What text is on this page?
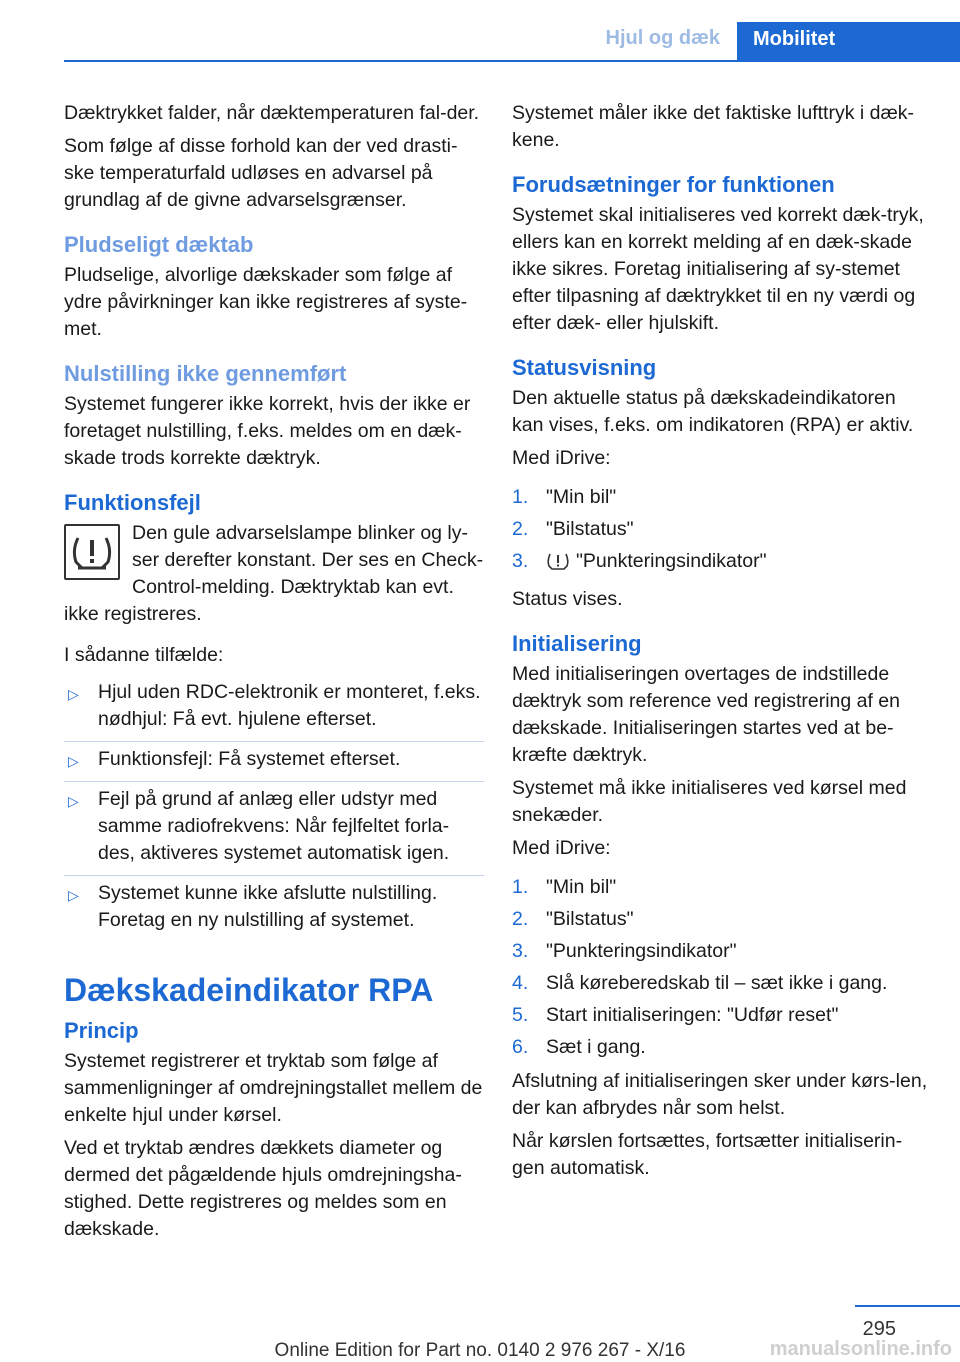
Hjul og dæk	Mobilitet

Dæktrykket falder, når dæktemperaturen fal-der.

Som følge af disse forhold kan der ved drasti-ske temperaturfald udløses en advarsel på grundlag af de givne advarselsgrænser.

Pludseligt dæktab

Pludselige, alvorlige dækskader som følge af ydre påvirkninger kan ikke registreres af syste-met.

Nulstilling ikke gennemført

Systemet fungerer ikke korrekt, hvis der ikke er foretaget nulstilling, f.eks. meldes om en dæk-skade trods korrekte dæktryk.

Funktionsfejl

Den gule advarselslampe blinker og ly-ser derefter konstant. Der ses en Check-Control-melding. Dæktryktab kan evt. ikke registreres.

I sådanne tilfælde:

▷ Hjul uden RDC-elektronik er monteret, f.eks. nødhjul: Få evt. hjulene efterset.
▷ Funktionsfejl: Få systemet efterset.
▷ Fejl på grund af anlæg eller udstyr med samme radiofrekvens: Når fejlfeltet forla-des, aktiveres systemet automatisk igen.
▷ Systemet kunne ikke afslutte nulstilling. Foretag en ny nulstilling af systemet.
Dækskadeindikator RPA
Princip

Systemet registrerer et tryktab som følge af sammenligninger af omdrejningstallet mellem de enkelte hjul under kørsel.

Ved et tryktab ændres dækkets diameter og dermed det pågældende hjuls omdrejningsha-stighed. Dette registreres og meldes som en dækskade.

Systemet måler ikke det faktiske lufttryk i dæk-kene.

Forudsætninger for funktionen

Systemet skal initialiseres ved korrekt dæk-tryk, ellers kan en korrekt melding af en dæk-skade ikke sikres. Foretag initialisering af sy-stemet efter tilpasning af dæktrykket til en ny værdi og efter dæk- eller hjulskift.

Statusvisning

Den aktuelle status på dækskadeindikatoren kan vises, f.eks. om indikatoren (RPA) er aktiv.

Med iDrive:

1. "Min bil"
2. "Bilstatus"
3. "Punkteringsindikator"

Status vises.

Initialisering

Med initialiseringen overtages de indstillede dæktryk som reference ved registrering af en dækskade. Initialiseringen startes ved at be-kræfte dæktryk.

Systemet må ikke initialiseres ved kørsel med snekæder.

Med iDrive:

1. "Min bil"
2. "Bilstatus"
3. "Punkteringsindikator"
4. Slå køreberedskab til – sæt ikke i gang.
5. Start initialiseringen: "Udfør reset"
6. Sæt i gang.

Afslutning af initialiseringen sker under kørs-len, der kan afbrydes når som helst.

Når kørslen fortsættes, fortsætter initialiserin-gen automatisk.

295
Online Edition for Part no. 0140 2 976 267 - X/16	manualsonline.info
